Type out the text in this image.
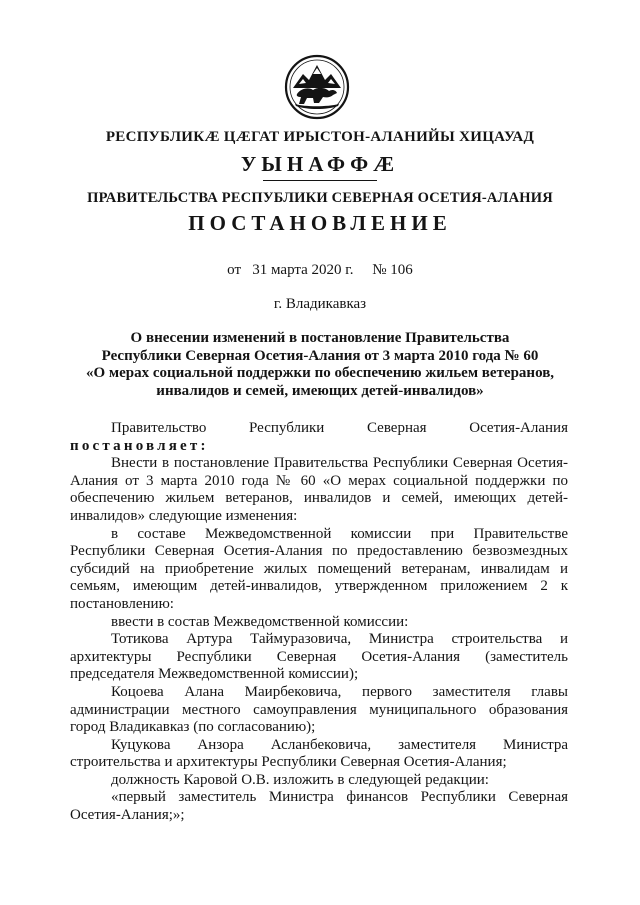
РЕСПУБЛИКӔ ЦӔГАТ ИРЫСТОН-АЛАНИЙЫ ХИЦАУАД
УЫНАФФӔ
ПРАВИТЕЛЬСТВА РЕСПУБЛИКИ СЕВЕРНАЯ ОСЕТИЯ-АЛАНИЯ
ПОСТАНОВЛЕНИЕ
от 31 марта 2020 г. № 106
г. Владикавказ
О внесении изменений в постановление Правительства
Республики Северная Осетия-Алания от 3 марта 2010 года № 60
«О мерах социальной поддержки по обеспечению жильем ветеранов,
инвалидов и семей, имеющих детей-инвалидов»
Правительство	Республики	Северная	Осетия-Алания

постановляет:

Внести в постановление Правительства Республики Северная Осетия-Алания от 3 марта 2010 года № 60 «О мерах социальной поддержки по обеспечению жильем ветеранов, инвалидов и семей, имеющих детей-инвалидов» следующие изменения:

в составе Межведомственной комиссии при Правительстве Республики Северная Осетия-Алания по предоставлению безвозмездных субсидий на приобретение жилых помещений ветеранам, инвалидам и семьям, имеющим детей-инвалидов, утвержденном приложением 2 к постановлению:

ввести в состав Межведомственной комиссии:

Тотикова Артура Таймуразовича, Министра строительства и архитектуры Республики Северная Осетия-Алания (заместитель председателя Межведомственной комиссии);

Коцоева Алана Маирбековича, первого заместителя главы администрации местного самоуправления муниципального образования город Владикавказ (по согласованию);

Куцукова Анзора Асланбековича, заместителя Министра строительства и архитектуры Республики Северная Осетия-Алания;

должность Каровой О.В. изложить в следующей редакции:

«первый заместитель Министра финансов Республики Северная Осетия-Алания;»;
